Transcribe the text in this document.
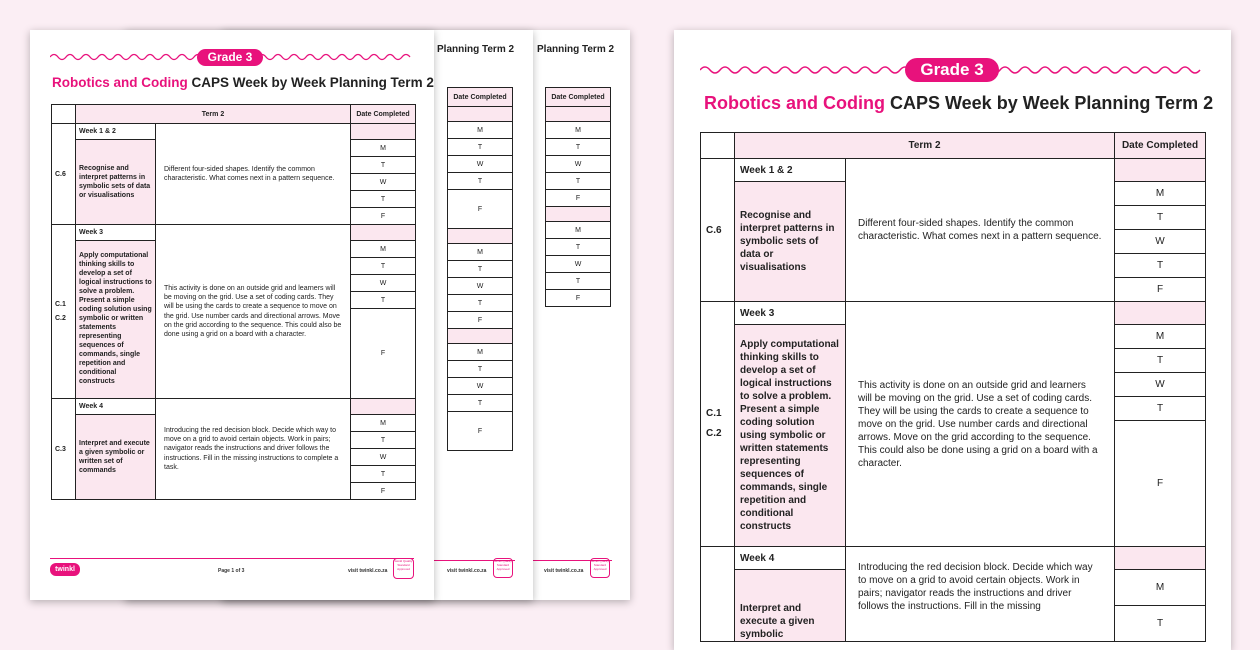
Planning Term 2
Date Completed

M
T
W
T
F

M
T
W
T
F
visit twinkl.co.za
twinkl Quality Standard Approved
Planning Term 2
Date Completed

M
T
W
T
F

M
T
W
T
F

M
T
W
T
F
visit twinkl.co.za
twinkl Quality Standard Approved
Grade 3
Robotics and Coding CAPS Week by Week Planning Term 2
	Term 2		Date Completed
C.6	Week 1 & 2	Different four-sided shapes. Identify the common characteristic. What comes next in a pattern sequence.	
	Recognise and interpret patterns in symbolic sets of data or visualisations		M
			T
			W
			T
			F
C.1
C.2	Week 3	This activity is done on an outside grid and learners will be moving on the grid. Use a set of coding cards. They will be using the cards to create a sequence to move on the grid. Use number cards and directional arrows. Move on the grid according to the sequence. This could also be done using a grid on a board with a character.	
	Apply computational thinking skills to develop a set of logical instructions to solve a problem. Present a simple coding solution using symbolic or written statements representing sequences of commands, single repetition and conditional constructs		M
			T
			W
			T
			F
C.3	Week 4	Introducing the red decision block. Decide which way to move on a grid to avoid certain objects. Work in pairs; navigator reads the instructions and driver follows the instructions. Fill in the missing instructions to complete a task.	
	Interpret and execute a given symbolic or written set of commands		M
			T
			W
			T
			F
twinkl	Page 1 of 3	visit twinkl.co.za
twinkl Quality Standard Approved
Grade 3
Robotics and Coding CAPS Week by Week Planning Term 2
	Term 2		Date Completed
C.6	Week 1 & 2	Different four-sided shapes. Identify the common characteristic. What comes next in a pattern sequence.	
	Recognise and interpret patterns in symbolic sets of data or visualisations		M
			T
			W
			T
			F
C.1
C.2	Week 3	This activity is done on an outside grid and learners will be moving on the grid. Use a set of coding cards. They will be using the cards to create a sequence to move on the grid. Use number cards and directional arrows. Move on the grid according to the sequence. This could also be done using a grid on a board with a character.	
	Apply computational thinking skills to develop a set of logical instructions to solve a problem. Present a simple coding solution using symbolic or written statements representing sequences of commands, single repetition and conditional constructs		M
			T
			W
			T
			F
	Week 4	Introducing the red decision block. Decide which way to move on a grid to avoid certain objects. Work in pairs; navigator reads the instructions and driver follows the instructions. Fill in the missing	
	Interpret and execute a given symbolic		M
			T
